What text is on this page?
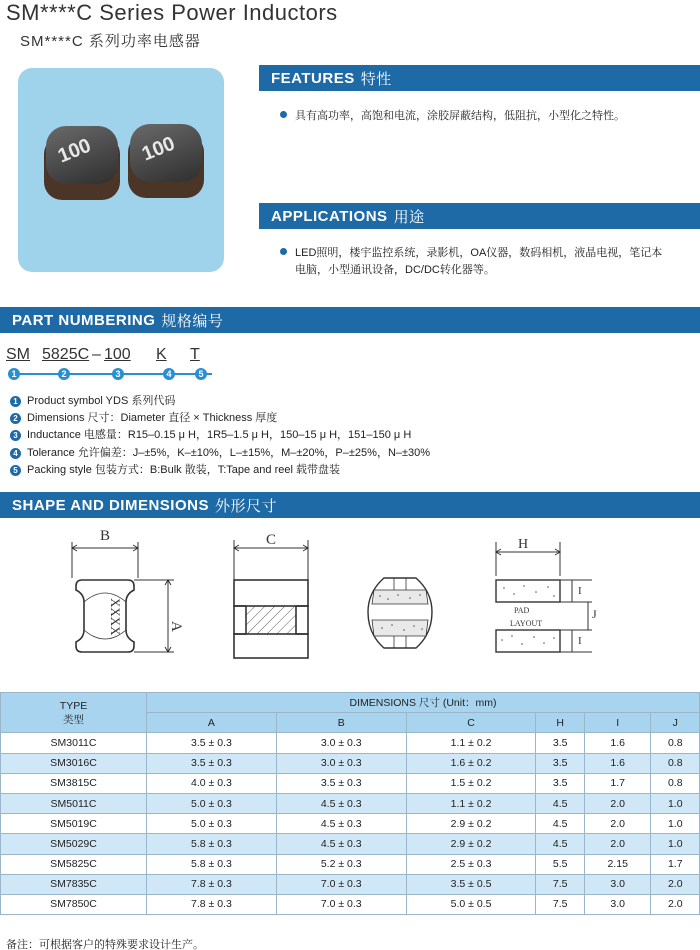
SM****C Series Power Inductors
SM****C 系列功率电感器
100 100
FEATURES 特性
具有高功率，高饱和电流，涂胶屏蔽结构，低阻抗，小型化之特性。
APPLICATIONS 用途
LED照明，楼宇监控系统，录影机，OA仪器，数码相机，液晶电视，笔记本
电脑，小型通讯设备，DC/DC转化器等。
PART NUMBERING 规格编号
SM 5825C – 100 K T
1	2	3	4	5
1 Product symbol YDS 系列代码
2 Dimensions 尺寸：Diameter 直径 × Thickness 厚度
3 Inductance 电感量：R15–0.15 μ H，1R5–1.5 μ H，150–15 μ H，151–150 μ H
4 Tolerance 允许偏差：J–±5%，K–±10%，L–±15%，M–±20%，P–±25%，N–±30%
5 Packing style 包装方式：B:Bulk 散装，T:Tape and reel 载带盘装
SHAPE AND DIMENSIONS 外形尺寸
B
A
XXXX
C	H
I
J
I
PAD
LAYOUT
TYPE
类型	DIMENSIONS 尺寸 (Unit：mm)					
	A	B	C	H	I	J
SM3011C	3.5 ± 0.3	3.0 ± 0.3	1.1 ± 0.2	3.5	1.6	0.8
SM3016C	3.5 ± 0.3	3.0 ± 0.3	1.6 ± 0.2	3.5	1.6	0.8
SM3815C	4.0 ± 0.3	3.5 ± 0.3	1.5 ± 0.2	3.5	1.7	0.8
SM5011C	5.0 ± 0.3	4.5 ± 0.3	1.1 ± 0.2	4.5	2.0	1.0
SM5019C	5.0 ± 0.3	4.5 ± 0.3	2.9 ± 0.2	4.5	2.0	1.0
SM5029C	5.8 ± 0.3	4.5 ± 0.3	2.9 ± 0.2	4.5	2.0	1.0
SM5825C	5.8 ± 0.3	5.2 ± 0.3	2.5 ± 0.3	5.5	2.15	1.7
SM7835C	7.8 ± 0.3	7.0 ± 0.3	3.5 ± 0.5	7.5	3.0	2.0
SM7850C	7.8 ± 0.3	7.0 ± 0.3	5.0 ± 0.5	7.5	3.0	2.0
备注：可根据客户的特殊要求设计生产。
